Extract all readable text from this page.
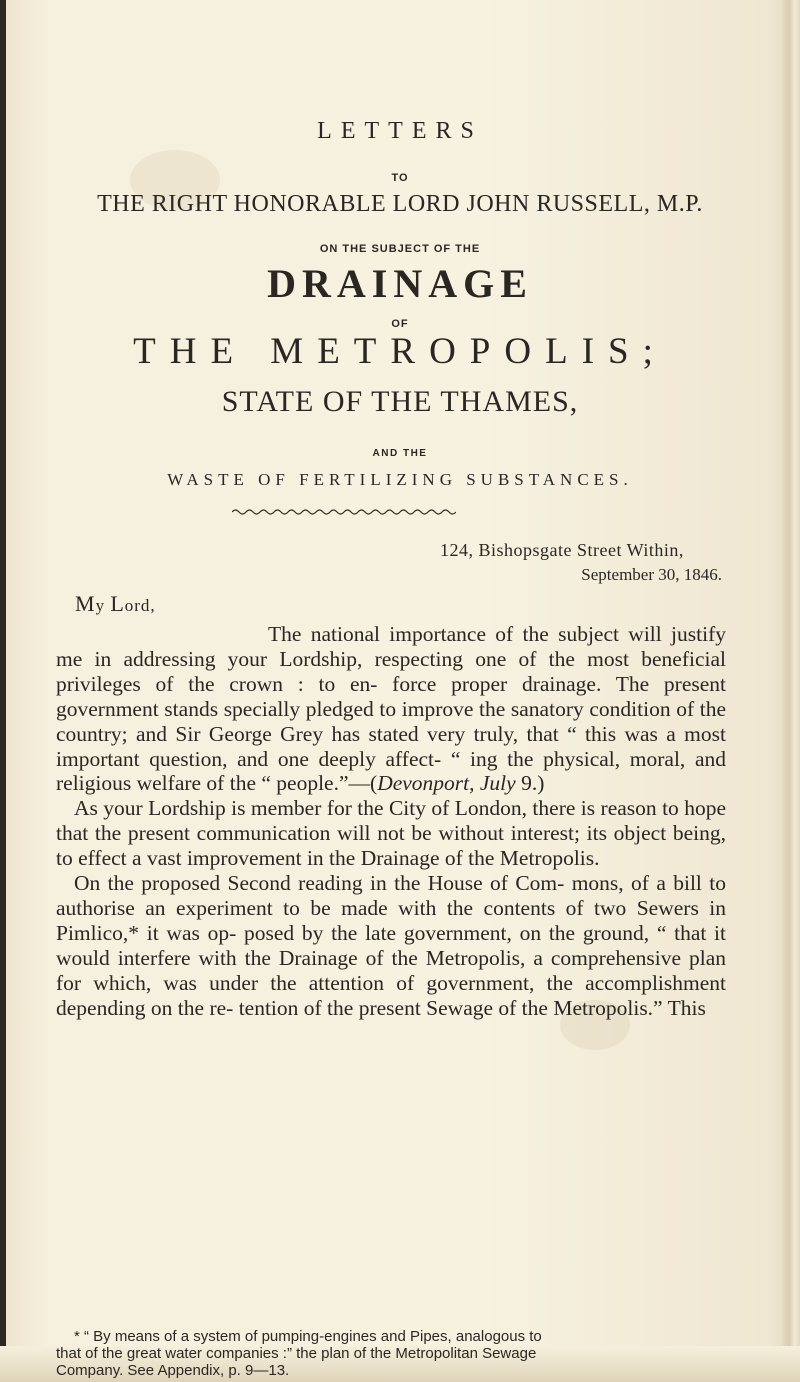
LETTERS
TO
THE RIGHT HONORABLE LORD JOHN RUSSELL, M.P.
ON THE SUBJECT OF THE
DRAINAGE
OF
THE METROPOLIS;
STATE OF THE THAMES,
AND THE
WASTE OF FERTILIZING SUBSTANCES.
124, Bishopsgate Street Within,
September 30, 1846.
My Lord,

The national importance of the subject will justify me in addressing your Lordship, respecting one of the most beneficial privileges of the crown : to en- force proper drainage. The present government stands specially pledged to improve the sanatory condition of the country; and Sir George Grey has stated very truly, that “ this was a most important question, and one deeply affect- “ ing the physical, moral, and religious welfare of the “ people.”—(Devonport, July 9.)

As your Lordship is member for the City of London, there is reason to hope that the present communication will not be without interest; its object being, to effect a vast improvement in the Drainage of the Metropolis.

On the proposed Second reading in the House of Com- mons, of a bill to authorise an experiment to be made with the contents of two Sewers in Pimlico,* it was op- posed by the late government, on the ground, “ that it would interfere with the Drainage of the Metropolis, a comprehensive plan for which, was under the attention of government, the accomplishment depending on the re- tention of the present Sewage of the Metropolis.” This

* “ By means of a system of pumping-engines and Pipes, analogous to
that of the great water companies :” the plan of the Metropolitan Sewage
Company. See Appendix, p. 9—13.
